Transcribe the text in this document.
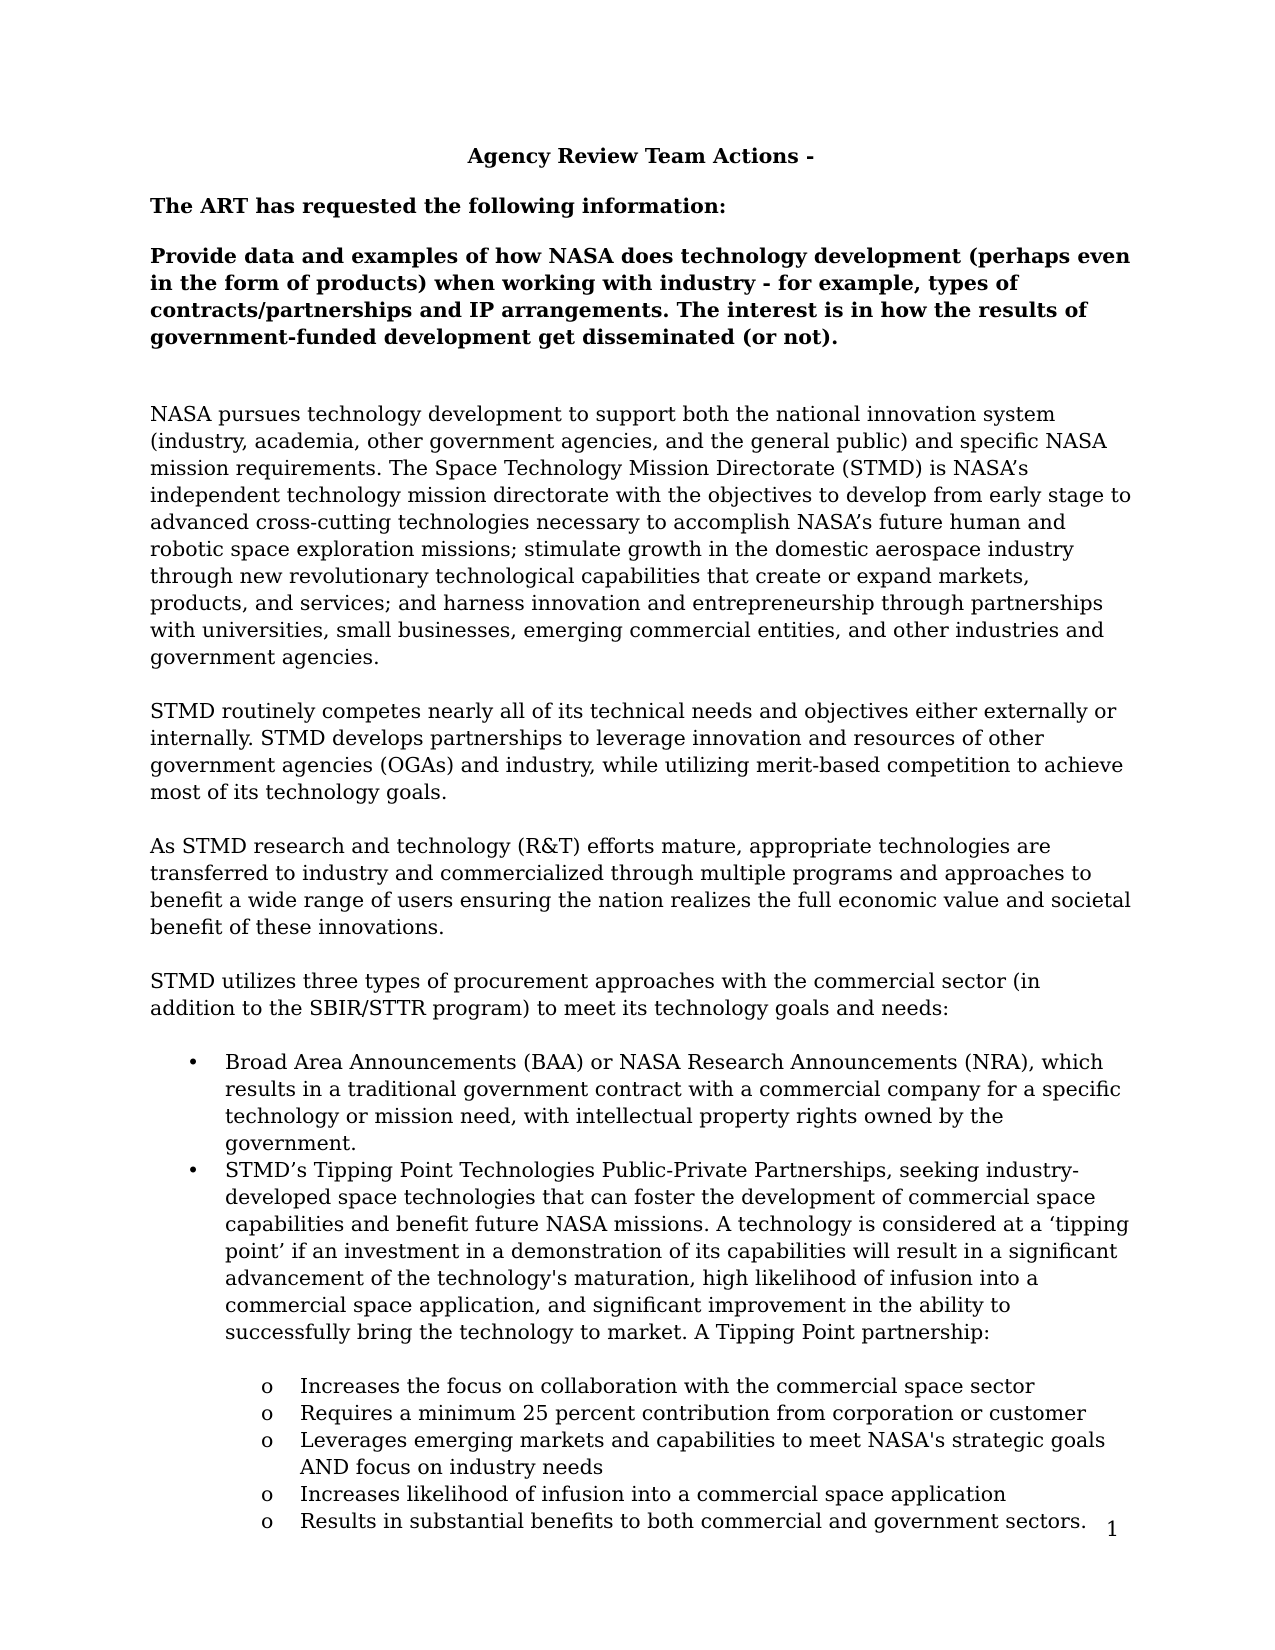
Agency Review Team Actions -

The ART has requested the following information:

Provide data and examples of how NASA does technology development (perhaps even in the form of products) when working with industry - for example, types of contracts/partnerships and IP arrangements. The interest is in how the results of government-funded development get disseminated (or not).

NASA pursues technology development to support both the national innovation system (industry, academia, other government agencies, and the general public) and specific NASA mission requirements. The Space Technology Mission Directorate (STMD) is NASA’s independent technology mission directorate with the objectives to develop from early stage to advanced cross-cutting technologies necessary to accomplish NASA’s future human and robotic space exploration missions; stimulate growth in the domestic aerospace industry through new revolutionary technological capabilities that create or expand markets, products, and services; and harness innovation and entrepreneurship through partnerships with universities, small businesses, emerging commercial entities, and other industries and government agencies.

STMD routinely competes nearly all of its technical needs and objectives either externally or internally. STMD develops partnerships to leverage innovation and resources of other government agencies (OGAs) and industry, while utilizing merit-based competition to achieve most of its technology goals.

As STMD research and technology (R&T) efforts mature, appropriate technologies are transferred to industry and commercialized through multiple programs and approaches to benefit a wide range of users ensuring the nation realizes the full economic value and societal benefit of these innovations.

STMD utilizes three types of procurement approaches with the commercial sector (in addition to the SBIR/STTR program) to meet its technology goals and needs:

• Broad Area Announcements (BAA) or NASA Research Announcements (NRA), which results in a traditional government contract with a commercial company for a specific technology or mission need, with intellectual property rights owned by the government.
• STMD’s Tipping Point Technologies Public-Private Partnerships, seeking industry-developed space technologies that can foster the development of commercial space capabilities and benefit future NASA missions. A technology is considered at a ‘tipping point’ if an investment in a demonstration of its capabilities will result in a significant advancement of the technology's maturation, high likelihood of infusion into a commercial space application, and significant improvement in the ability to successfully bring the technology to market. A Tipping Point partnership:
o Increases the focus on collaboration with the commercial space sector
o Requires a minimum 25 percent contribution from corporation or customer
o Leverages emerging markets and capabilities to meet NASA's strategic goals AND focus on industry needs
o Increases likelihood of infusion into a commercial space application
o Results in substantial benefits to both commercial and government sectors. 1
